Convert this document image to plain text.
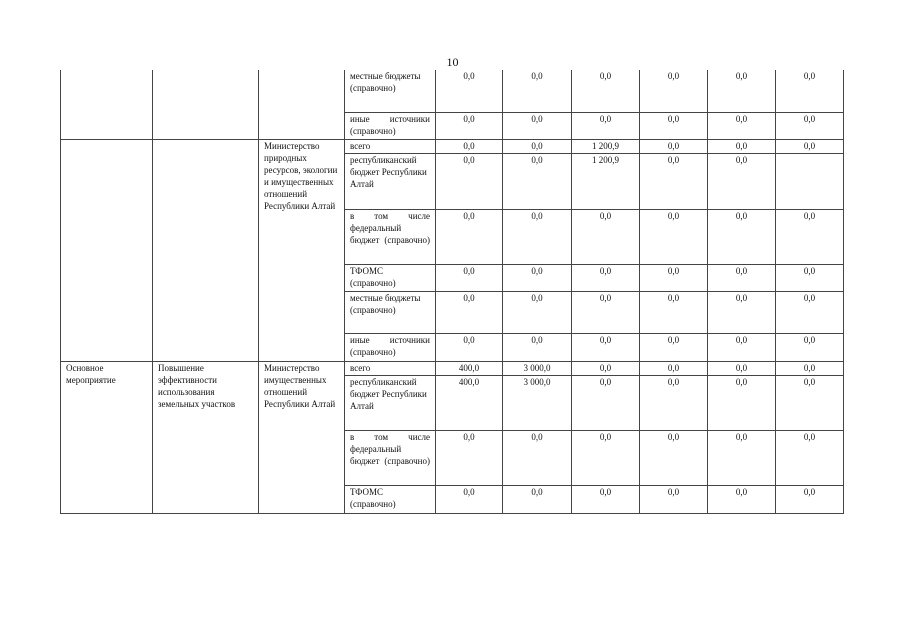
10
			местные бюджеты (справочно)	0,0	0,0	0,0	0,0	0,0	0,0
			иные источники (справочно)	0,0	0,0	0,0	0,0	0,0	0,0
		Министерство природных ресурсов, экологии и имущественных отношений Республики Алтай	всего	0,0	0,0	1 200,9	0,0	0,0	0,0
			республиканский бюджет Республики Алтай	0,0	0,0	1 200,9	0,0	0,0	
			в том числе федеральный бюджет (справочно)	0,0	0,0	0,0	0,0	0,0	0,0
			ТФОМС (справочно)	0,0	0,0	0,0	0,0	0,0	0,0
			местные бюджеты (справочно)	0,0	0,0	0,0	0,0	0,0	0,0
			иные источники (справочно)	0,0	0,0	0,0	0,0	0,0	0,0
Основное мероприятие	Повышение эффективности использования земельных участков	Министерство имущественных отношений Республики Алтай	всего	400,0	3 000,0	0,0	0,0	0,0	0,0
			республиканский бюджет Республики Алтай	400,0	3 000,0	0,0	0,0	0,0	0,0
			в том числе федеральный бюджет (справочно)	0,0	0,0	0,0	0,0	0,0	0,0
			ТФОМС (справочно)	0,0	0,0	0,0	0,0	0,0	0,0
